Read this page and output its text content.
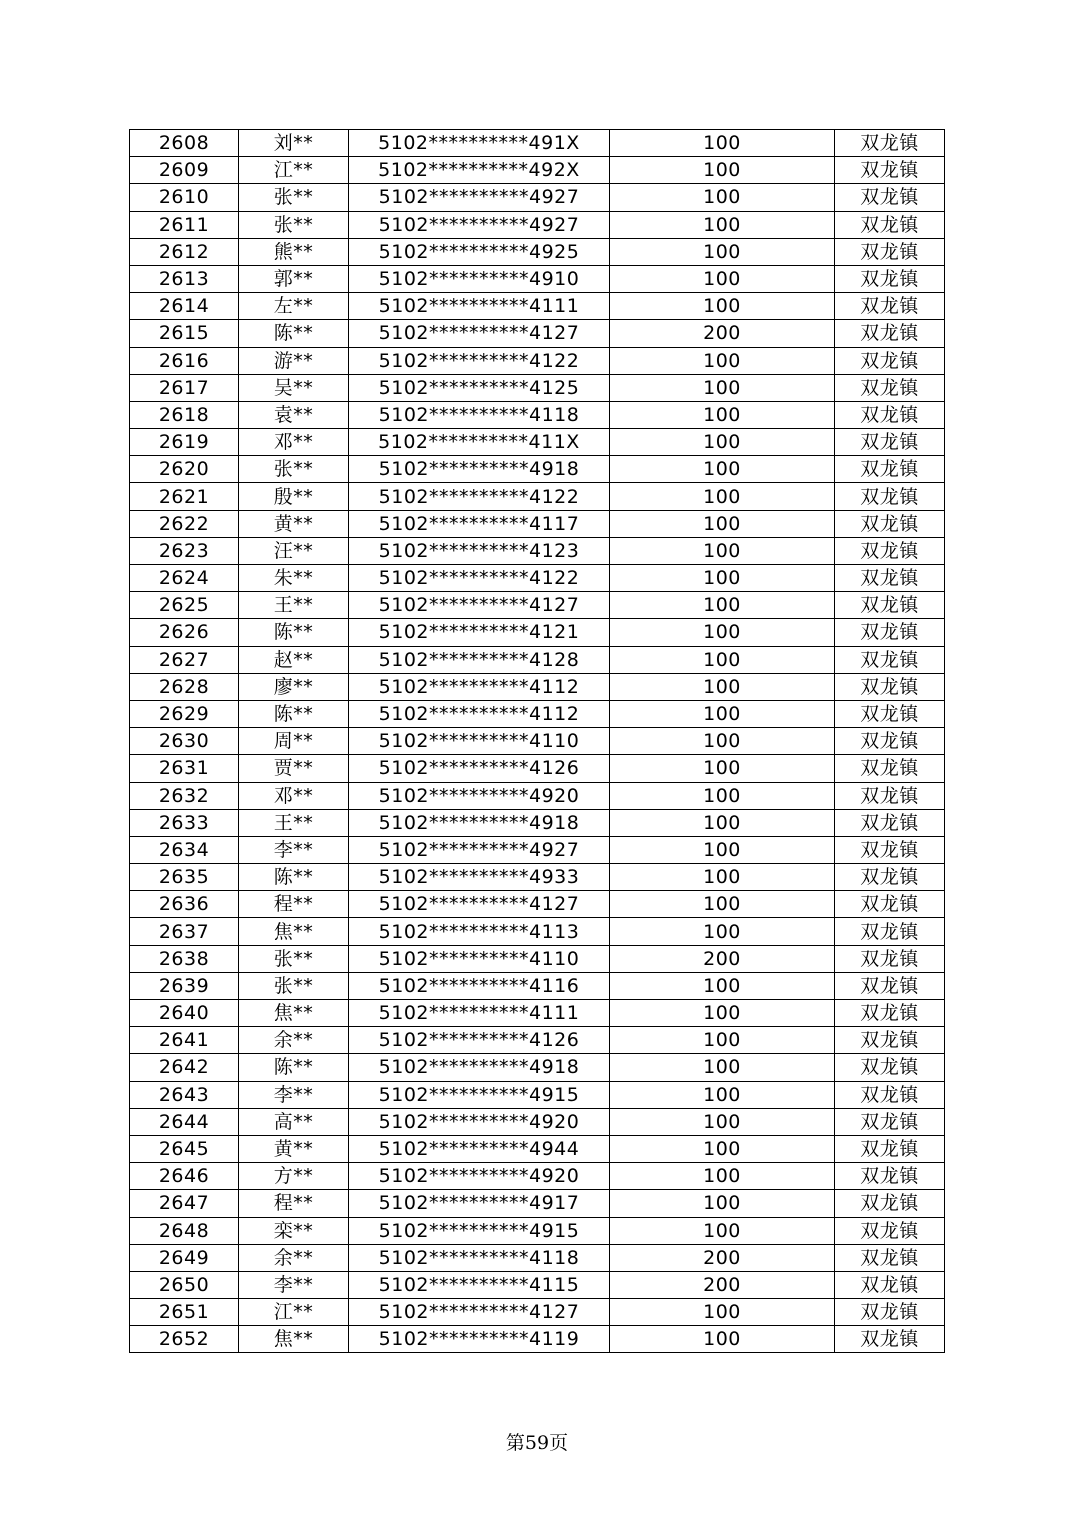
2608	刘**	5102**********491X	100	双龙镇
2609	江**	5102**********492X	100	双龙镇
2610	张**	5102**********4927	100	双龙镇
2611	张**	5102**********4927	100	双龙镇
2612	熊**	5102**********4925	100	双龙镇
2613	郭**	5102**********4910	100	双龙镇
2614	左**	5102**********4111	100	双龙镇
2615	陈**	5102**********4127	200	双龙镇
2616	游**	5102**********4122	100	双龙镇
2617	吴**	5102**********4125	100	双龙镇
2618	袁**	5102**********4118	100	双龙镇
2619	邓**	5102**********411X	100	双龙镇
2620	张**	5102**********4918	100	双龙镇
2621	殷**	5102**********4122	100	双龙镇
2622	黄**	5102**********4117	100	双龙镇
2623	汪**	5102**********4123	100	双龙镇
2624	朱**	5102**********4122	100	双龙镇
2625	王**	5102**********4127	100	双龙镇
2626	陈**	5102**********4121	100	双龙镇
2627	赵**	5102**********4128	100	双龙镇
2628	廖**	5102**********4112	100	双龙镇
2629	陈**	5102**********4112	100	双龙镇
2630	周**	5102**********4110	100	双龙镇
2631	贾**	5102**********4126	100	双龙镇
2632	邓**	5102**********4920	100	双龙镇
2633	王**	5102**********4918	100	双龙镇
2634	李**	5102**********4927	100	双龙镇
2635	陈**	5102**********4933	100	双龙镇
2636	程**	5102**********4127	100	双龙镇
2637	焦**	5102**********4113	100	双龙镇
2638	张**	5102**********4110	200	双龙镇
2639	张**	5102**********4116	100	双龙镇
2640	焦**	5102**********4111	100	双龙镇
2641	余**	5102**********4126	100	双龙镇
2642	陈**	5102**********4918	100	双龙镇
2643	李**	5102**********4915	100	双龙镇
2644	高**	5102**********4920	100	双龙镇
2645	黄**	5102**********4944	100	双龙镇
2646	方**	5102**********4920	100	双龙镇
2647	程**	5102**********4917	100	双龙镇
2648	栾**	5102**********4915	100	双龙镇
2649	余**	5102**********4118	200	双龙镇
2650	李**	5102**********4115	200	双龙镇
2651	江**	5102**********4127	100	双龙镇
2652	焦**	5102**********4119	100	双龙镇
第59页
